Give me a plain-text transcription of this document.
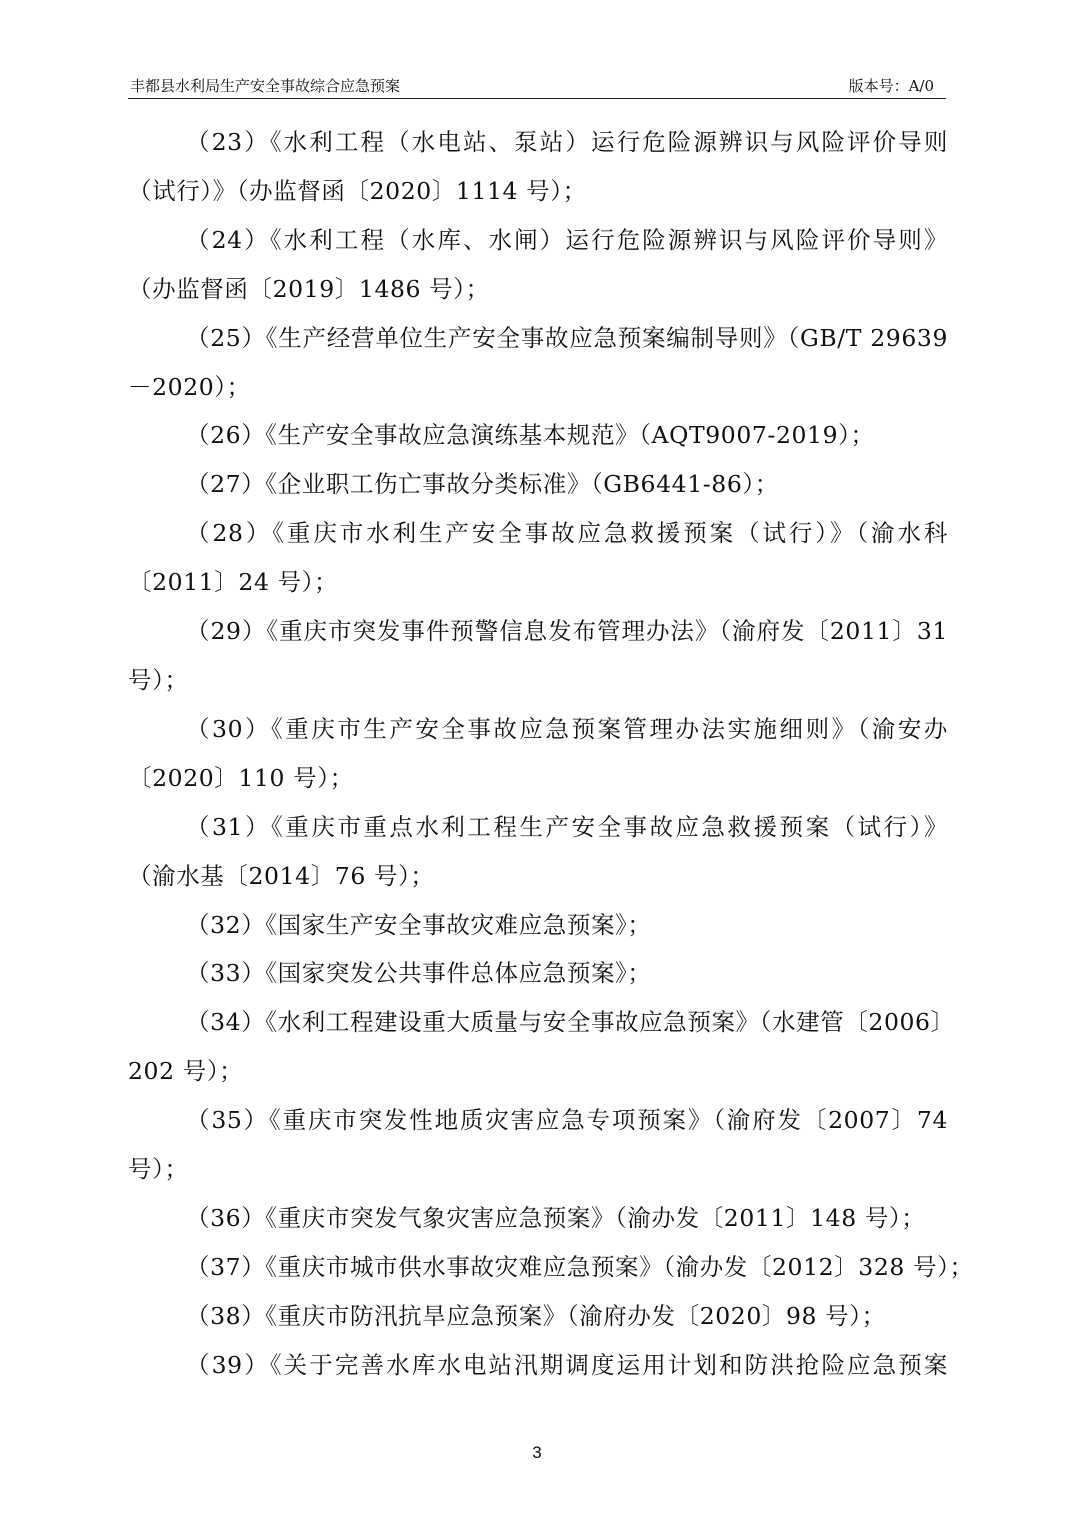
丰都县水利局生产安全事故综合应急预案	版本号：A/0
（23）《水利工程（水电站、泵站）运行危险源辨识与风险评价导则
（试行）》（办监督函〔2020〕1114 号）；
（24）《水利工程（水库、水闸）运行危险源辨识与风险评价导则》
（办监督函〔2019〕1486 号）；
（25）《生产经营单位生产安全事故应急预案编制导则》（GB/T 29639
－2020）；
（26）《生产安全事故应急演练基本规范》（AQT9007-2019）；
（27）《企业职工伤亡事故分类标准》（GB6441-86）；
（28）《重庆市水利生产安全事故应急救援预案（试行）》（渝水科
〔2011〕24 号）；
（29）《重庆市突发事件预警信息发布管理办法》（渝府发〔2011〕31
号）；
（30）《重庆市生产安全事故应急预案管理办法实施细则》（渝安办
〔2020〕110 号）；
（31）《重庆市重点水利工程生产安全事故应急救援预案（试行）》
（渝水基〔2014〕76 号）；
（32）《国家生产安全事故灾难应急预案》；
（33）《国家突发公共事件总体应急预案》；
（34）《水利工程建设重大质量与安全事故应急预案》（水建管〔2006〕
202 号）；
（35）《重庆市突发性地质灾害应急专项预案》（渝府发〔2007〕74
号）；
（36）《重庆市突发气象灾害应急预案》（渝办发〔2011〕148 号）；
（37）《重庆市城市供水事故灾难应急预案》（渝办发〔2012〕328 号）；
（38）《重庆市防汛抗旱应急预案》（渝府办发〔2020〕98 号）；
（39）《关于完善水库水电站汛期调度运用计划和防洪抢险应急预案
3
